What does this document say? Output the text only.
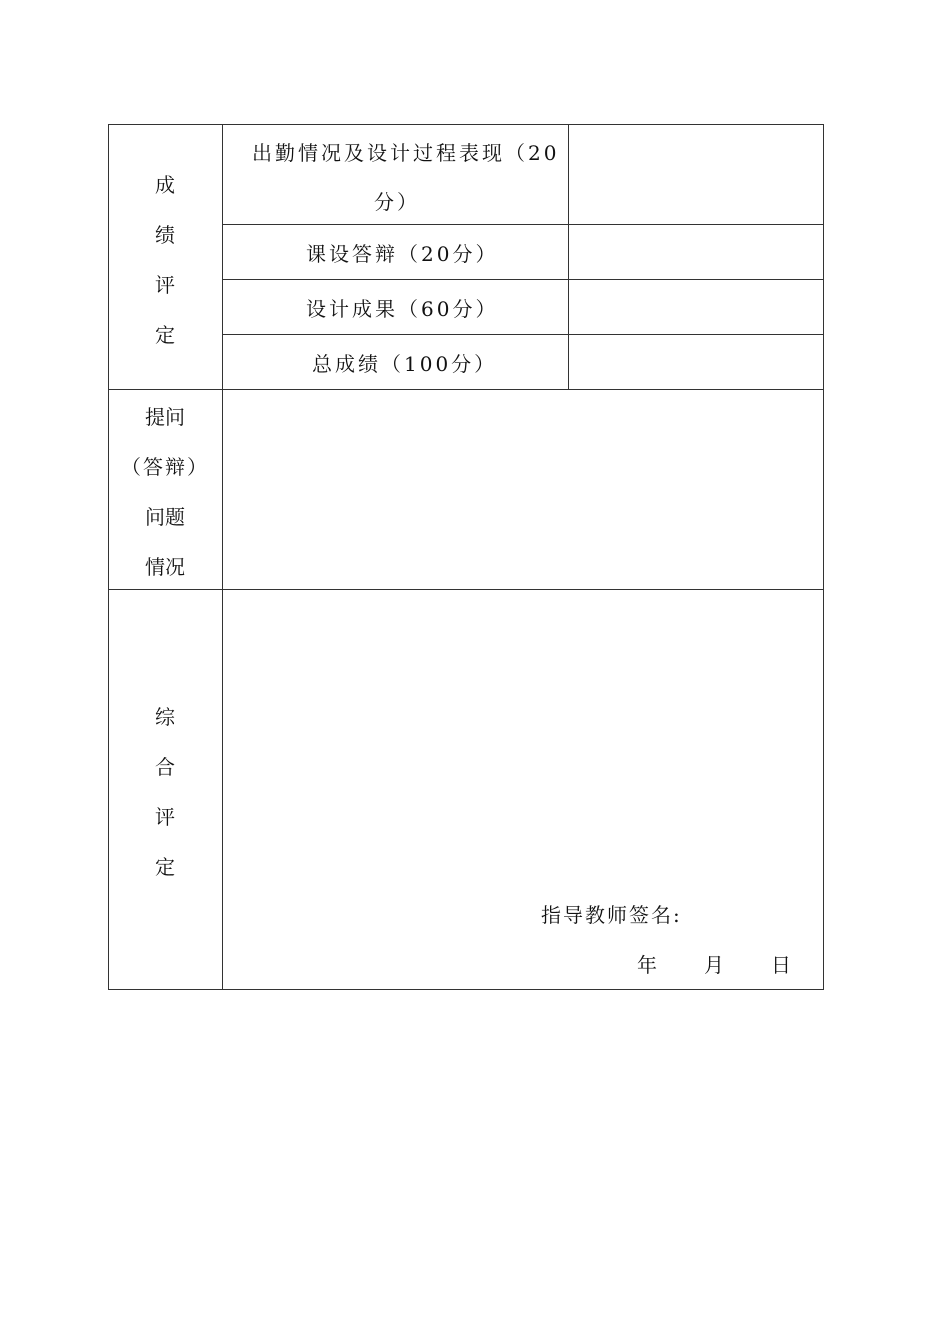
成
绩
评
定
出勤情况及设计过程表现（20
分）
课设答辩（20分）
设计成果（60分）
总成绩（100分）
提问
（答辩）
问题
情况
综
合
评
定
指导教师签名:
年 月 日
